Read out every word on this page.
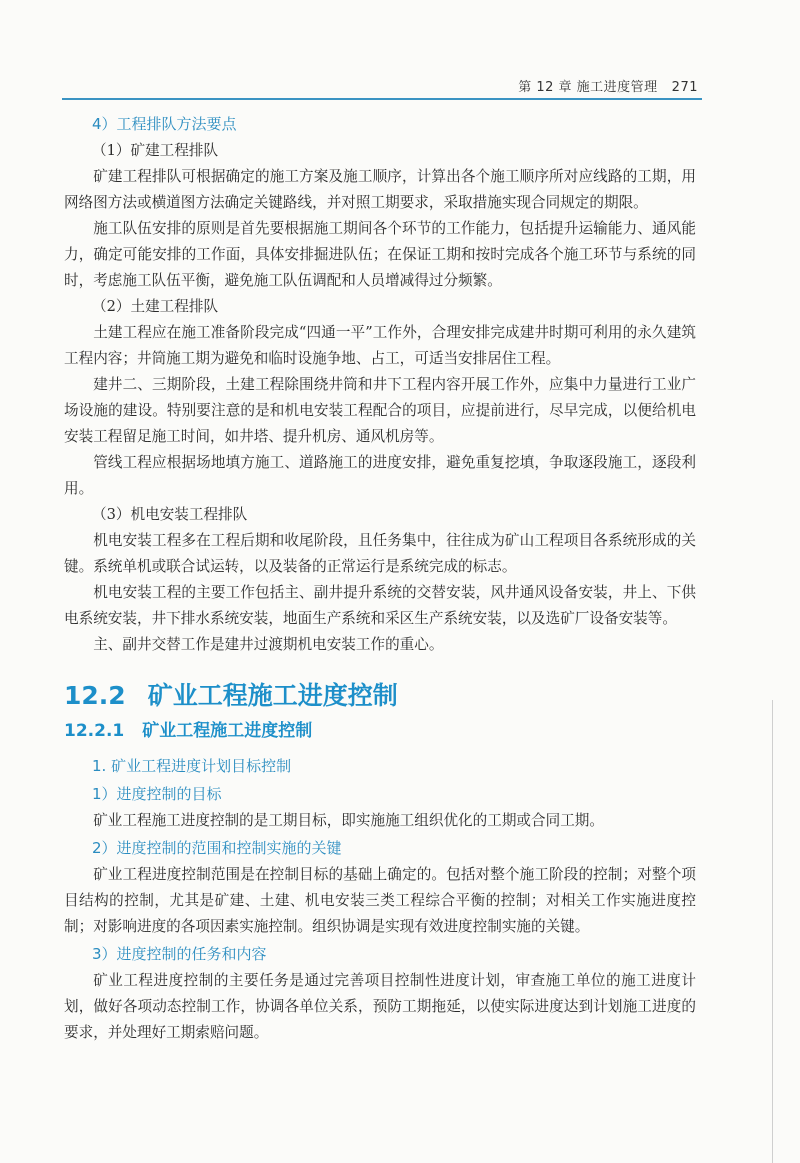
第 12 章 施工进度管理 271
4）工程排队方法要点
（1）矿建工程排队

矿建工程排队可根据确定的施工方案及施工顺序，计算出各个施工顺序所对应线路的工期，用网络图方法或横道图方法确定关键路线，并对照工期要求，采取措施实现合同规定的期限。

施工队伍安排的原则是首先要根据施工期间各个环节的工作能力，包括提升运输能力、通风能力，确定可能安排的工作面，具体安排掘进队伍；在保证工期和按时完成各个施工环节与系统的同时，考虑施工队伍平衡，避免施工队伍调配和人员增减得过分频繁。

（2）土建工程排队

土建工程应在施工准备阶段完成“四通一平”工作外，合理安排完成建井时期可利用的永久建筑工程内容；井筒施工期为避免和临时设施争地、占工，可适当安排居住工程。

建井二、三期阶段，土建工程除围绕井筒和井下工程内容开展工作外，应集中力量进行工业广场设施的建设。特别要注意的是和机电安装工程配合的项目，应提前进行，尽早完成，以便给机电安装工程留足施工时间，如井塔、提升机房、通风机房等。

管线工程应根据场地填方施工、道路施工的进度安排，避免重复挖填，争取逐段施工，逐段利用。

（3）机电安装工程排队

机电安装工程多在工程后期和收尾阶段，且任务集中，往往成为矿山工程项目各系统形成的关键。系统单机或联合试运转，以及装备的正常运行是系统完成的标志。

机电安装工程的主要工作包括主、副井提升系统的交替安装，风井通风设备安装，井上、下供电系统安装，井下排水系统安装，地面生产系统和采区生产系统安装，以及选矿厂设备安装等。

主、副井交替工作是建井过渡期机电安装工作的重心。

12.2 矿业工程施工进度控制
12.2.1 矿业工程施工进度控制
1. 矿业工程进度计划目标控制
1）进度控制的目标

矿业工程施工进度控制的是工期目标，即实施施工组织优化的工期或合同工期。

2）进度控制的范围和控制实施的关键

矿业工程进度控制范围是在控制目标的基础上确定的。包括对整个施工阶段的控制；对整个项目结构的控制，尤其是矿建、土建、机电安装三类工程综合平衡的控制；对相关工作实施进度控制；对影响进度的各项因素实施控制。组织协调是实现有效进度控制实施的关键。

3）进度控制的任务和内容

矿业工程进度控制的主要任务是通过完善项目控制性进度计划，审查施工单位的施工进度计划，做好各项动态控制工作，协调各单位关系，预防工期拖延，以使实际进度达到计划施工进度的要求，并处理好工期索赔问题。
